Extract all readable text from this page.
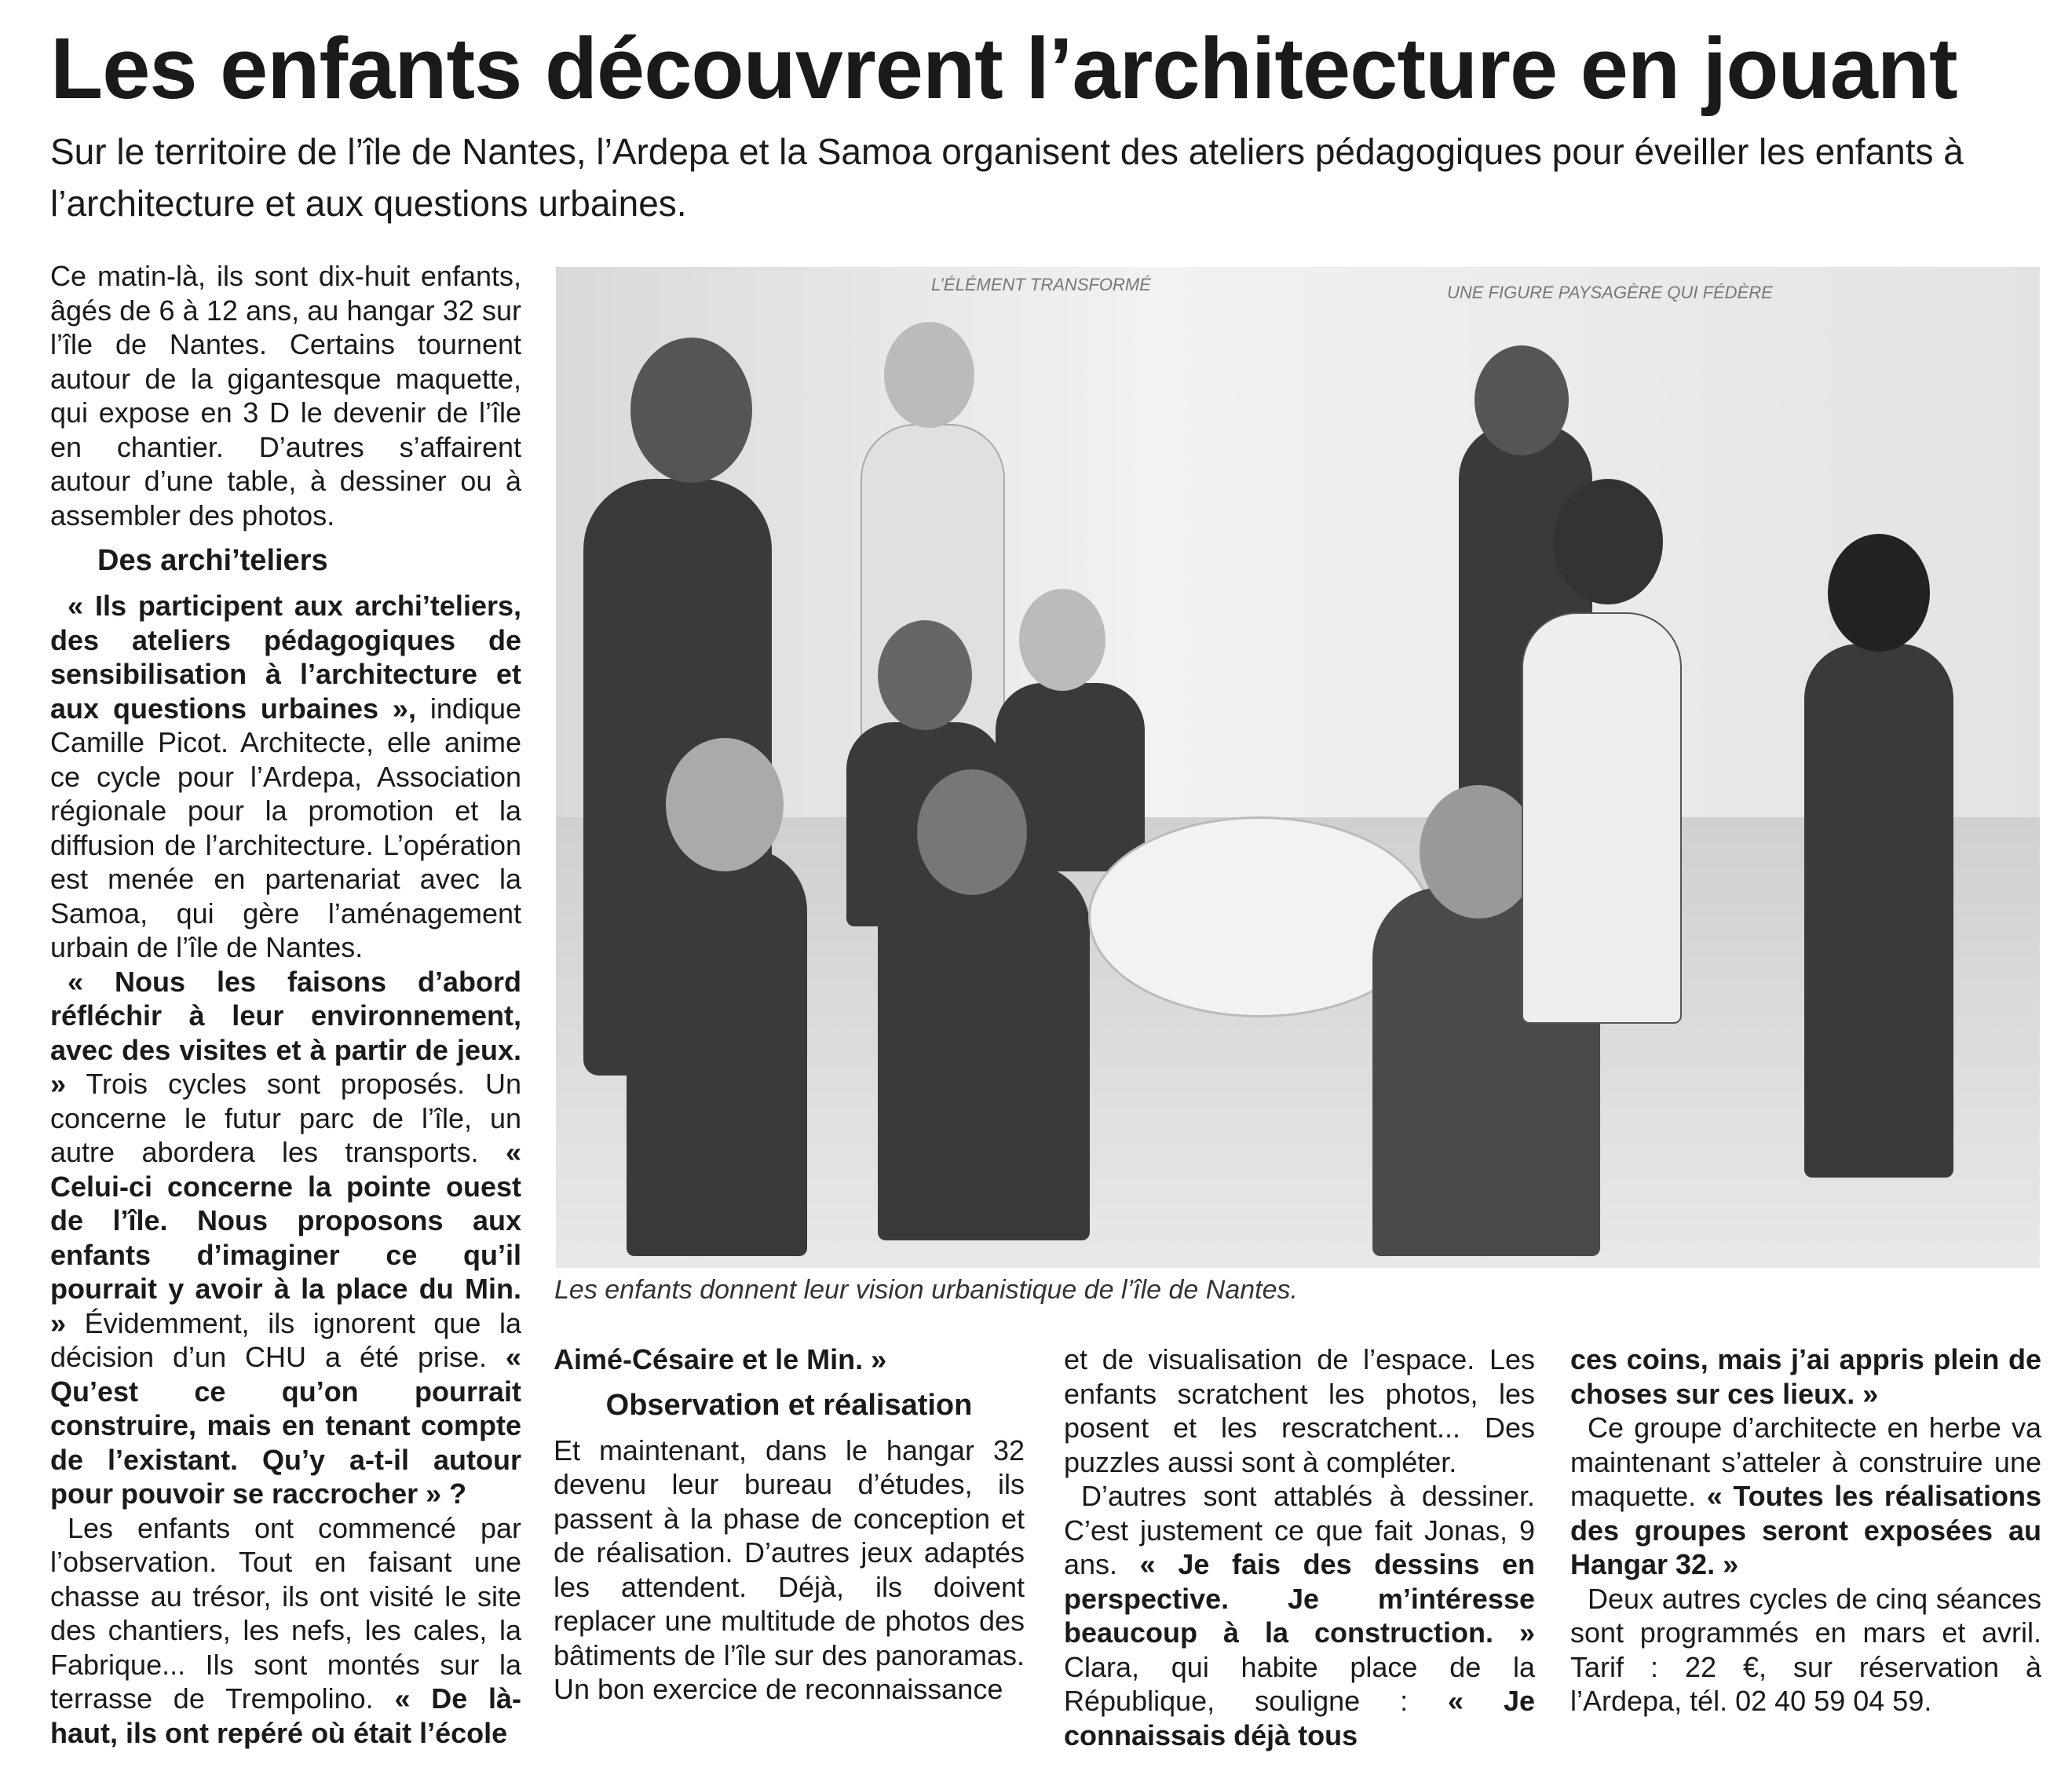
Les enfants découvrent l’architecture en jouant
Sur le territoire de l’île de Nantes, l’Ardepa et la Samoa organisent des ateliers pédagogiques pour éveiller les enfants à l’architecture et aux questions urbaines.

Ce matin-là, ils sont dix-huit enfants, âgés de 6 à 12 ans, au hangar 32 sur l’île de Nantes. Certains tournent autour de la gigantesque maquette, qui expose en 3 D le devenir de l’île en chantier. D’autres s’affairent autour d’une table, à dessiner ou à assembler des photos.

Des archi’teliers

« Ils participent aux archi’teliers, des ateliers pédagogiques de sensibilisation à l’architecture et aux questions urbaines », indique Camille Picot. Architecte, elle anime ce cycle pour l’Ardepa, Association régionale pour la promotion et la diffusion de l’architecture. L’opération est menée en partenariat avec la Samoa, qui gère l’aménagement urbain de l’île de Nantes.

« Nous les faisons d’abord réfléchir à leur environnement, avec des visites et à partir de jeux. » Trois cycles sont proposés. Un concerne le futur parc de l’île, un autre abordera les transports. « Celui-ci concerne la pointe ouest de l’île. Nous proposons aux enfants d’imaginer ce qu’il pourrait y avoir à la place du Min. » Évidemment, ils ignorent que la décision d’un CHU a été prise. « Qu’est ce qu’on pourrait construire, mais en tenant compte de l’existant. Qu’y a-t-il autour pour pouvoir se raccrocher » ?

Les enfants ont commencé par l’observation. Tout en faisant une chasse au trésor, ils ont visité le site des chantiers, les nefs, les cales, la Fabrique... Ils sont montés sur la terrasse de Trempolino. « De là-haut, ils ont repéré où était l’école

L’ÉLÉMENT TRANSFORMÉ	UNE FIGURE PAYSAGÈRE QUI FÉDÈRE
Les enfants donnent leur vision urbanistique de l’île de Nantes.

Aimé-Césaire et le Min. »

Observation et réalisation

Et maintenant, dans le hangar 32 devenu leur bureau d’études, ils passent à la phase de conception et de réalisation. D’autres jeux adaptés les attendent. Déjà, ils doivent replacer une multitude de photos des bâtiments de l’île sur des panoramas. Un bon exercice de reconnaissance

et de visualisation de l’espace. Les enfants scratchent les photos, les posent et les rescratchent... Des puzzles aussi sont à compléter.

D’autres sont attablés à dessiner. C’est justement ce que fait Jonas, 9 ans. « Je fais des dessins en perspective. Je m’intéresse beaucoup à la construction. » Clara, qui habite place de la République, souligne : « Je connaissais déjà tous

ces coins, mais j’ai appris plein de choses sur ces lieux. »

Ce groupe d’architecte en herbe va maintenant s’atteler à construire une maquette. « Toutes les réalisations des groupes seront exposées au Hangar 32. »

Deux autres cycles de cinq séances sont programmés en mars et avril. Tarif : 22 €, sur réservation à l’Ardepa, tél. 02 40 59 04 59.
